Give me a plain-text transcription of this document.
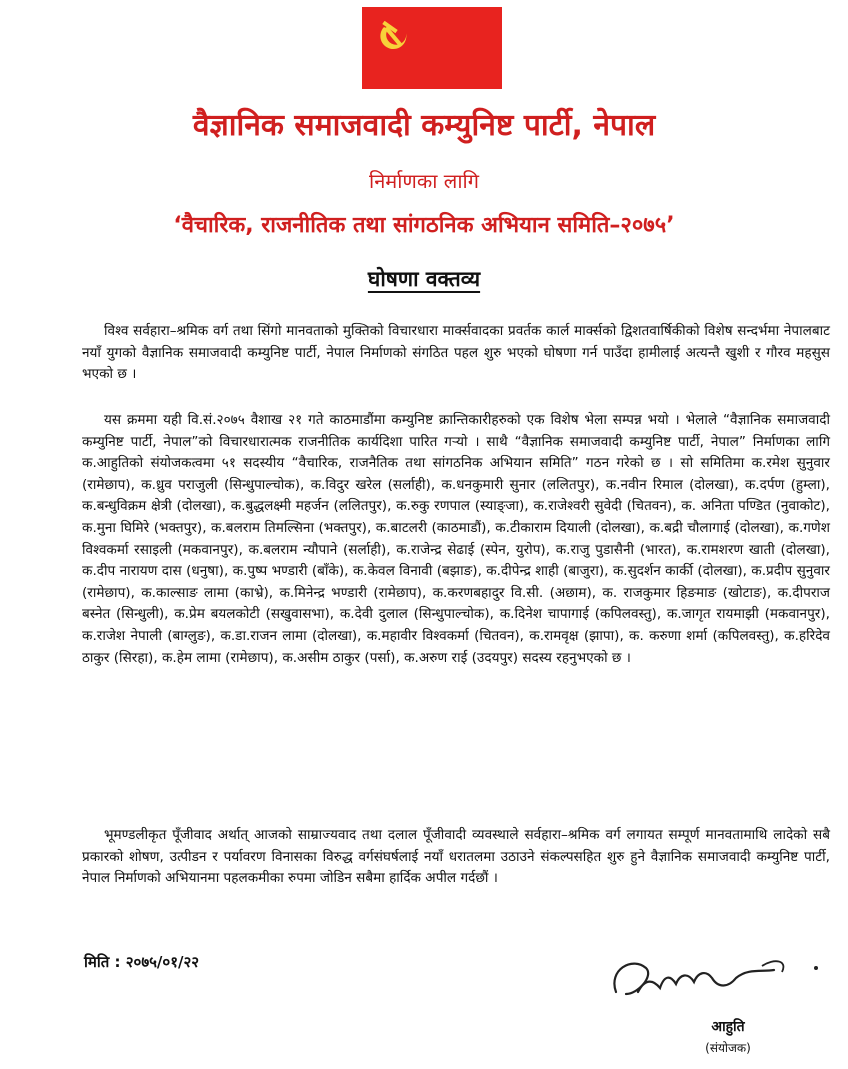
वैज्ञानिक समाजवादी कम्युनिष्ट पार्टी, नेपाल
निर्माणका लागि
‘वैचारिक, राजनीतिक तथा सांगठनिक अभियान समिति–२०७५’
घोषणा वक्तव्य

विश्व सर्वहारा–श्रमिक वर्ग तथा सिंगो मानवताको मुक्तिको विचारधारा मार्क्सवादका प्रवर्तक कार्ल मार्क्सको द्विशतवार्षिकीको विशेष सन्दर्भमा नेपालबाट नयाँ युगको वैज्ञानिक समाजवादी कम्युनिष्ट पार्टी, नेपाल निर्माणको संगठित पहल शुरु भएको घोषणा गर्न पाउँदा हामीलाई अत्यन्तै खुशी र गौरव महसुस भएको छ ।

यस क्रममा यही वि.सं.२०७५ वैशाख २१ गते काठमाडौंमा कम्युनिष्ट क्रान्तिकारीहरुको एक विशेष भेला सम्पन्न भयो । भेलाले “वैज्ञानिक समाजवादी कम्युनिष्ट पार्टी, नेपाल”को विचारधारात्मक राजनीतिक कार्यदिशा पारित गर्‍यो । साथै “वैज्ञानिक समाजवादी कम्युनिष्ट पार्टी, नेपाल” निर्माणका लागि क.आहुतिको संयोजकत्वमा ५१ सदस्यीय “वैचारिक, राजनैतिक तथा सांगठनिक अभियान समिति” गठन गरेको छ । सो समितिमा क.रमेश सुनुवार (रामेछाप), क.ध्रुव पराजुली (सिन्धुपाल्चोक), क.विदुर खरेल (सर्लाही), क.धनकुमारी सुनार (ललितपुर), क.नवीन रिमाल (दोलखा), क.दर्पण (हुम्ला), क.बन्धुविक्रम क्षेत्री (दोलखा), क.बुद्धलक्ष्मी महर्जन (ललितपुर), क.रुकु रणपाल (स्याङ्जा), क.राजेश्वरी सुवेदी (चितवन), क. अनिता पण्डित (नुवाकोट), क.मुना घिमिरे (भक्तपुर), क.बलराम तिमल्सिना (भक्तपुर), क.बाटलरी (काठमाडौं), क.टीकाराम दियाली (दोलखा), क.बद्री चौलागाई (दोलखा), क.गणेश विश्वकर्मा रसाइली (मकवानपुर), क.बलराम न्यौपाने (सर्लाही), क.राजेन्द्र सेढाई (स्पेन, युरोप), क.राजु पुडासैनी (भारत), क.रामशरण खाती (दोलखा), क.दीप नारायण दास (धनुषा), क.पुष्प भण्डारी (बाँके), क.केवल विनावी (बझाङ), क.दीपेन्द्र शाही (बाजुरा), क.सुदर्शन कार्की (दोलखा), क.प्रदीप सुनुवार (रामेछाप), क.काल्साङ लामा (काभ्रे), क.मिनेन्द्र भण्डारी (रामेछाप), क.करणबहादुर वि.सी. (अछाम), क. राजकुमार हिङमाङ (खोटाङ), क.दीपराज बस्नेत (सिन्धुली), क.प्रेम बयलकोटी (सखुवासभा), क.देवी दुलाल (सिन्धुपाल्चोक), क.दिनेश चापागाई (कपिलवस्तु), क.जागृत रायमाझी (मकवानपुर), क.राजेश नेपाली (बाग्लुङ), क.डा.राजन लामा (दोलखा), क.महावीर विश्वकर्मा (चितवन), क.रामवृक्ष (झापा), क. करुणा शर्मा (कपिलवस्तु), क.हरिदेव ठाकुर (सिरहा), क.हेम लामा (रामेछाप), क.असीम ठाकुर (पर्सा), क.अरुण राई (उदयपुर) सदस्य रहनुभएको छ ।

भूमण्डलीकृत पूँजीवाद अर्थात् आजको साम्राज्यवाद तथा दलाल पूँजीवादी व्यवस्थाले सर्वहारा–श्रमिक वर्ग लगायत सम्पूर्ण मानवतामाथि लादेको सबै प्रकारको शोषण, उत्पीडन र पर्यावरण विनासका विरुद्ध वर्गसंघर्षलाई नयाँ धरातलमा उठाउने संकल्पसहित शुरु हुने वैज्ञानिक समाजवादी कम्युनिष्ट पार्टी, नेपाल निर्माणको अभियानमा पहलकमीका रुपमा जोडिन सबैमा हार्दिक अपील गर्दछौं ।

मिति : २०७५/०१/२२
आहुति
(संयोजक)
